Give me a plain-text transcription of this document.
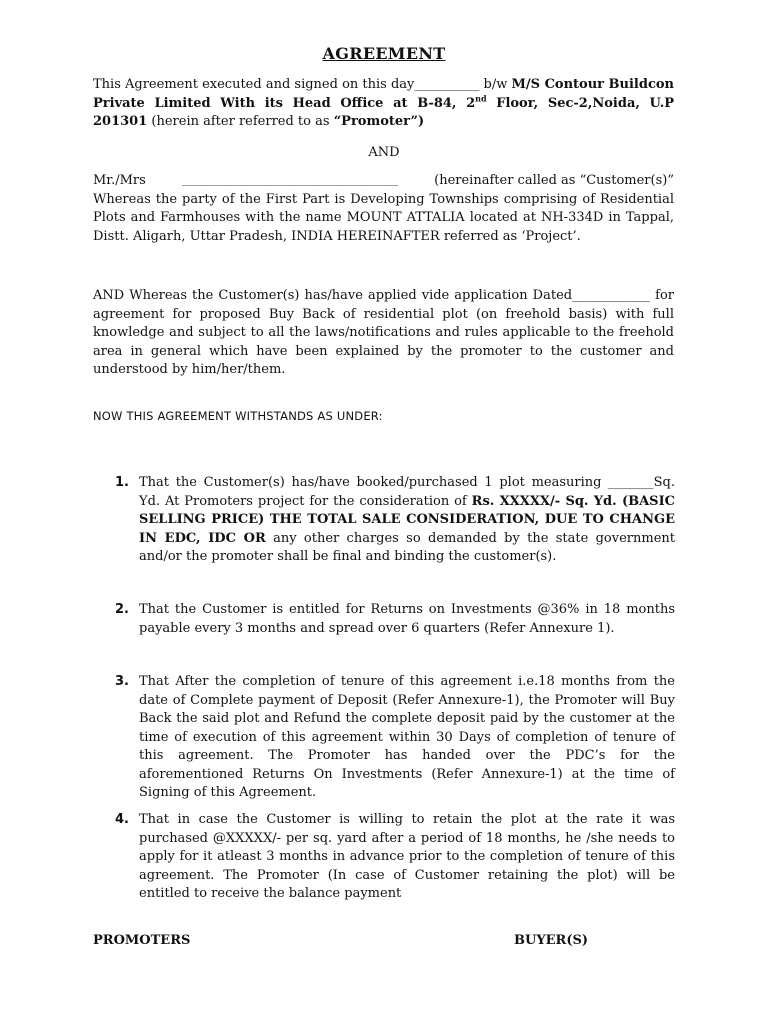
AGREEMENT
This Agreement executed and signed on this day__________ b/w M/S Contour Buildcon Private Limited With its Head Office at B-84, 2nd Floor, Sec-2,Noida, U.P 201301 (herein after referred to as “Promoter”)
AND
Mr./Mrs	______________________________________________	(hereinafter called as “Customer(s)”
Whereas the party of the First Part is Developing Townships comprising of Residential Plots and Farmhouses with the name MOUNT ATTALIA located at NH-334D in Tappal, Distt. Aligarh, Uttar Pradesh, INDIA HEREINAFTER referred as ‘Project’.
AND Whereas the Customer(s) has/have applied vide application Dated____________ for agreement for proposed Buy Back of residential plot (on freehold basis) with full knowledge and subject to all the laws/notifications and rules applicable to the freehold area in general which have been explained by the promoter to the customer and understood by him/her/them.
NOW THIS AGREEMENT WITHSTANDS AS UNDER:
1. That the Customer(s) has/have booked/purchased 1 plot measuring _______Sq. Yd. At Promoters project for the consideration of Rs. XXXXX/- Sq. Yd. (BASIC SELLING PRICE) THE TOTAL SALE CONSIDERATION, DUE TO CHANGE IN EDC, IDC OR any other charges so demanded by the state government and/or the promoter shall be final and binding the customer(s).
2. That the Customer is entitled for Returns on Investments @36% in 18 months payable every 3 months and spread over 6 quarters (Refer Annexure 1).
3. That After the completion of tenure of this agreement i.e.18 months from the date of Complete payment of Deposit (Refer Annexure-1), the Promoter will Buy Back the said plot and Refund the complete deposit paid by the customer at the time of execution of this agreement within 30 Days of completion of tenure of this agreement. The Promoter has handed over the PDC’s for the aforementioned Returns On Investments (Refer Annexure-1) at the time of Signing of this Agreement.
4. That in case the Customer is willing to retain the plot at the rate it was purchased @XXXXX/- per sq. yard after a period of 18 months, he /she needs to apply for it atleast 3 months in advance prior to the completion of tenure of this agreement. The Promoter (In case of Customer retaining the plot) will be entitled to receive the balance payment
PROMOTERS	BUYER(S)
